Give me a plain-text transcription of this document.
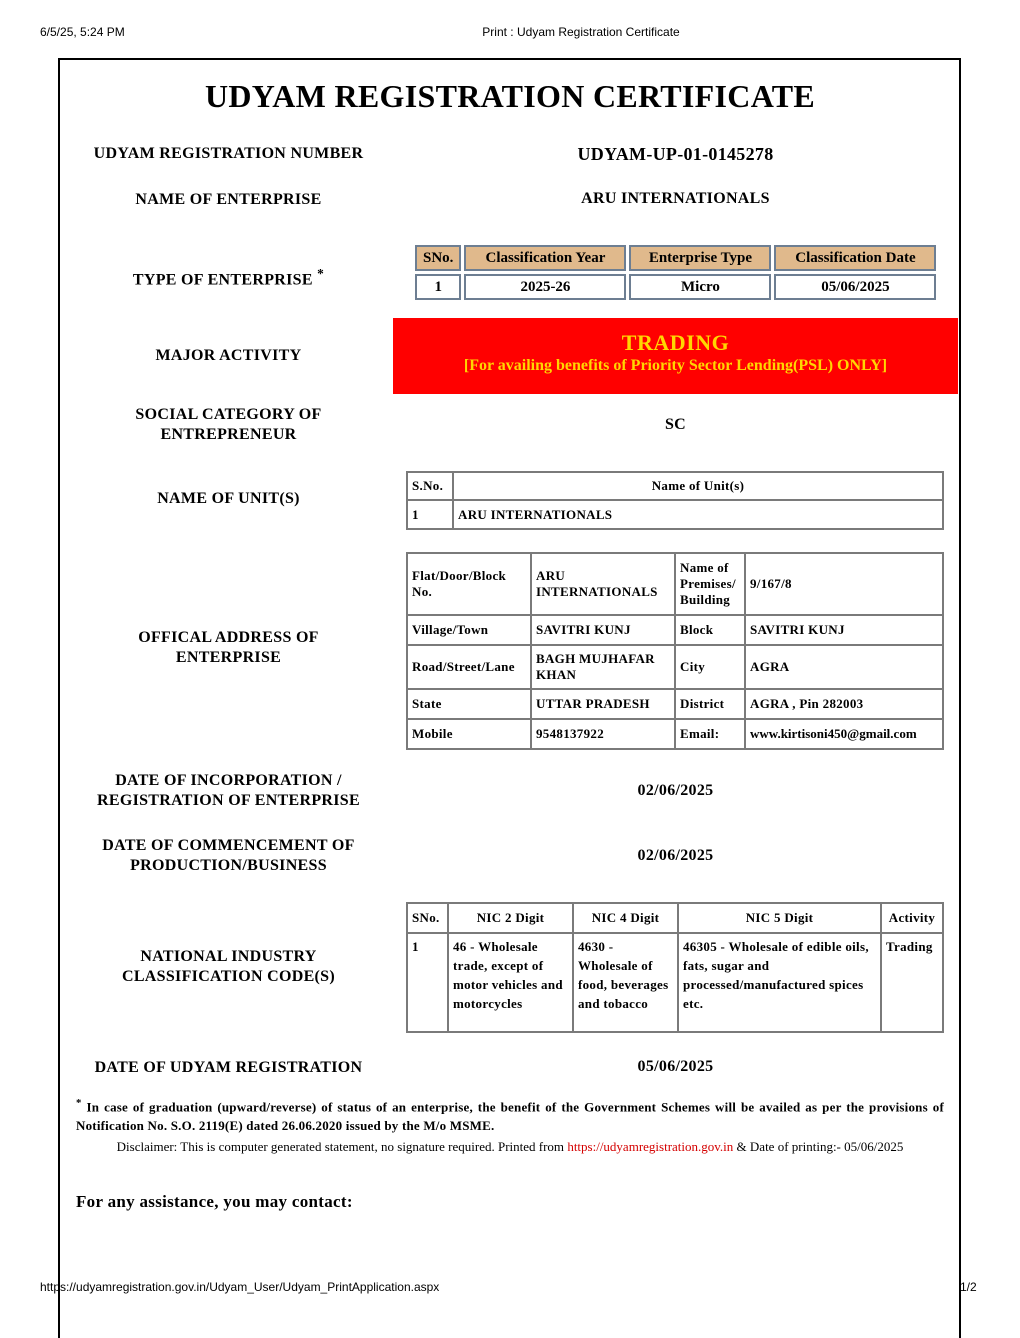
6/5/25, 5:24 PM	Print : Udyam Registration Certificate
https://udyamregistration.gov.in/Udyam_User/Udyam_PrintApplication.aspx	1/2
UDYAM REGISTRATION CERTIFICATE
UDYAM REGISTRATION NUMBER	UDYAM-UP-01-0145278
NAME OF ENTERPRISE	ARU INTERNATIONALS
TYPE OF ENTERPRISE *
SNo.	Classification Year	Enterprise Type	Classification Date
1	2025-26	Micro	05/06/2025
MAJOR ACTIVITY
TRADING
[For availing benefits of Priority Sector Lending(PSL) ONLY]
SOCIAL CATEGORY OF
ENTREPRENEUR
SC
NAME OF UNIT(S)
S.No.	Name of Unit(s)
1	ARU INTERNATIONALS
OFFICAL ADDRESS OF
ENTERPRISE
Flat/Door/Block No.	ARU INTERNATIONALS	Name of Premises/ Building	9/167/8
Village/Town	SAVITRI KUNJ	Block	SAVITRI KUNJ
Road/Street/Lane	BAGH MUJHAFAR KHAN	City	AGRA
State	UTTAR PRADESH	District	AGRA , Pin 282003
Mobile	9548137922	Email:	www.kirtisoni450@gmail.com
DATE OF INCORPORATION /
REGISTRATION OF ENTERPRISE
02/06/2025
DATE OF COMMENCEMENT OF
PRODUCTION/BUSINESS
02/06/2025
NATIONAL INDUSTRY
CLASSIFICATION CODE(S)
SNo.	NIC 2 Digit	NIC 4 Digit	NIC 5 Digit	Activity
1	46 - Wholesale trade, except of motor vehicles and motorcycles	4630 - Wholesale of food, beverages and tobacco	46305 - Wholesale of edible oils, fats, sugar and processed/manufactured spices etc.	Trading
DATE OF UDYAM REGISTRATION	05/06/2025
* In case of graduation (upward/reverse) of status of an enterprise, the benefit of the Government Schemes will be availed as per the provisions of Notification No. S.O. 2119(E) dated 26.06.2020 issued by the M/o MSME.
Disclaimer: This is computer generated statement, no signature required. Printed from https://udyamregistration.gov.in & Date of printing:- 05/06/2025
For any assistance, you may contact:
